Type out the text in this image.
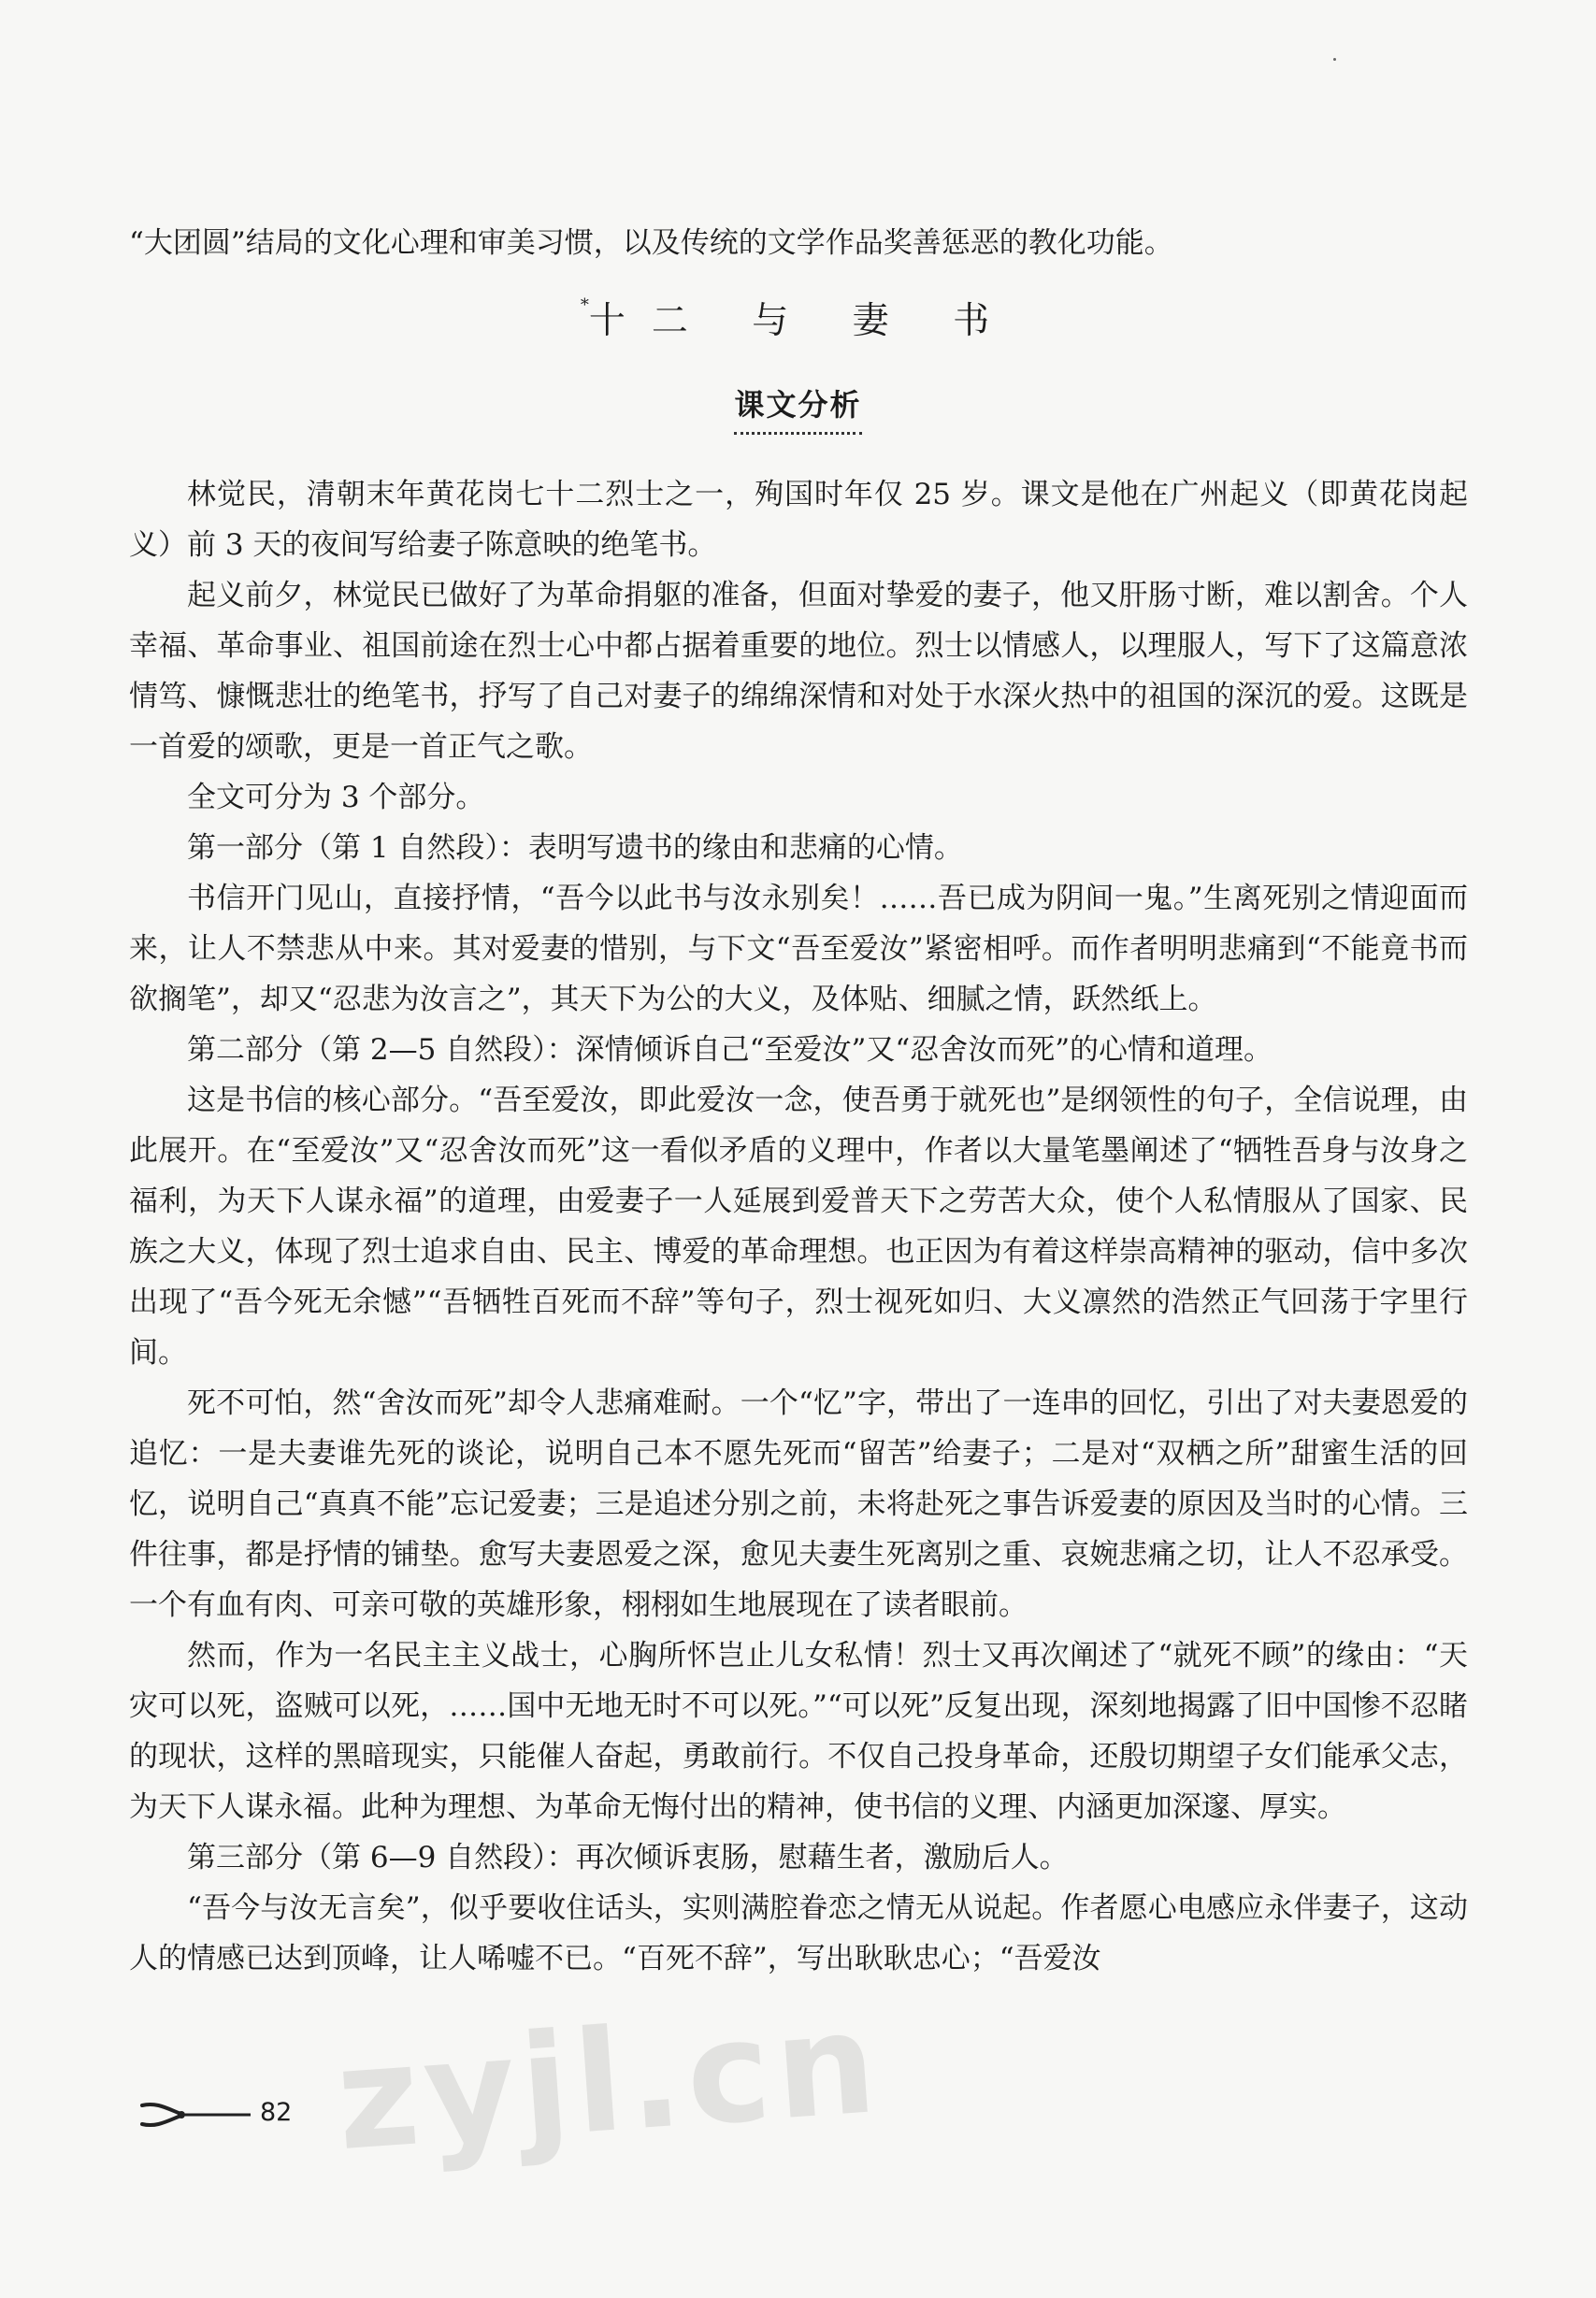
“大团圆”结局的文化心理和审美习惯，以及传统的文学作品奖善惩恶的教化功能。
*十二 与 妻 书
课文分析

林觉民，清朝末年黄花岗七十二烈士之一，殉国时年仅 25 岁。课文是他在广州起义（即黄花岗起义）前 3 天的夜间写给妻子陈意映的绝笔书。

起义前夕，林觉民已做好了为革命捐躯的准备，但面对挚爱的妻子，他又肝肠寸断，难以割舍。个人幸福、革命事业、祖国前途在烈士心中都占据着重要的地位。烈士以情感人，以理服人，写下了这篇意浓情笃、慷慨悲壮的绝笔书，抒写了自己对妻子的绵绵深情和对处于水深火热中的祖国的深沉的爱。这既是一首爱的颂歌，更是一首正气之歌。

全文可分为 3 个部分。

第一部分（第 1 自然段）：表明写遗书的缘由和悲痛的心情。

书信开门见山，直接抒情，“吾今以此书与汝永别矣！……吾已成为阴间一鬼。”生离死别之情迎面而来，让人不禁悲从中来。其对爱妻的惜别，与下文“吾至爱汝”紧密相呼。而作者明明悲痛到“不能竟书而欲搁笔”，却又“忍悲为汝言之”，其天下为公的大义，及体贴、细腻之情，跃然纸上。

第二部分（第 2—5 自然段）：深情倾诉自己“至爱汝”又“忍舍汝而死”的心情和道理。

这是书信的核心部分。“吾至爱汝，即此爱汝一念，使吾勇于就死也”是纲领性的句子，全信说理，由此展开。在“至爱汝”又“忍舍汝而死”这一看似矛盾的义理中，作者以大量笔墨阐述了“牺牲吾身与汝身之福利，为天下人谋永福”的道理，由爱妻子一人延展到爱普天下之劳苦大众，使个人私情服从了国家、民族之大义，体现了烈士追求自由、民主、博爱的革命理想。也正因为有着这样崇高精神的驱动，信中多次出现了“吾今死无余憾”“吾牺牲百死而不辞”等句子，烈士视死如归、大义凛然的浩然正气回荡于字里行间。

死不可怕，然“舍汝而死”却令人悲痛难耐。一个“忆”字，带出了一连串的回忆，引出了对夫妻恩爱的追忆：一是夫妻谁先死的谈论，说明自己本不愿先死而“留苦”给妻子；二是对“双栖之所”甜蜜生活的回忆，说明自己“真真不能”忘记爱妻；三是追述分别之前，未将赴死之事告诉爱妻的原因及当时的心情。三件往事，都是抒情的铺垫。愈写夫妻恩爱之深，愈见夫妻生死离别之重、哀婉悲痛之切，让人不忍承受。一个有血有肉、可亲可敬的英雄形象，栩栩如生地展现在了读者眼前。

然而，作为一名民主主义战士，心胸所怀岂止儿女私情！烈士又再次阐述了“就死不顾”的缘由：“天灾可以死，盗贼可以死，……国中无地无时不可以死。”“可以死”反复出现，深刻地揭露了旧中国惨不忍睹的现状，这样的黑暗现实，只能催人奋起，勇敢前行。不仅自己投身革命，还殷切期望子女们能承父志，为天下人谋永福。此种为理想、为革命无悔付出的精神，使书信的义理、内涵更加深邃、厚实。

第三部分（第 6—9 自然段）：再次倾诉衷肠，慰藉生者，激励后人。

“吾今与汝无言矣”，似乎要收住话头，实则满腔眷恋之情无从说起。作者愿心电感应永伴妻子，这动人的情感已达到顶峰，让人唏嘘不已。“百死不辞”，写出耿耿忠心；“吾爱汝

zyjl.cn
82
